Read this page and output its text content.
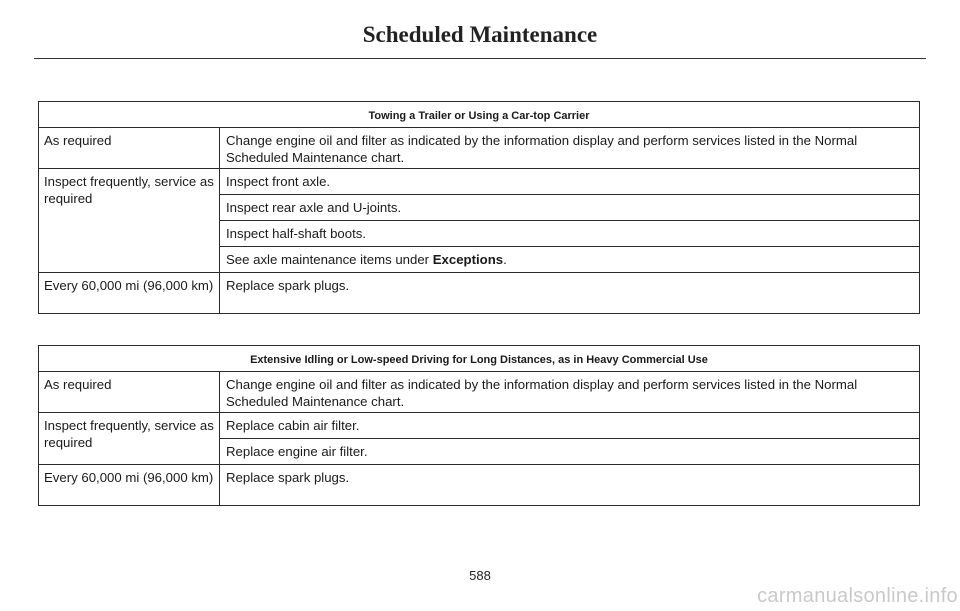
Scheduled Maintenance
Towing a Trailer or Using a Car-top Carrier	
As required	Change engine oil and filter as indicated by the information display and perform services listed in the Normal Scheduled Maintenance chart.
Inspect frequently, service as required	Inspect front axle.
	Inspect rear axle and U-joints.
	Inspect half-shaft boots.
	See axle maintenance items under Exceptions.
Every 60,000 mi (96,000 km)	Replace spark plugs.
Extensive Idling or Low-speed Driving for Long Distances, as in Heavy Commercial Use	
As required	Change engine oil and filter as indicated by the information display and perform services listed in the Normal Scheduled Maintenance chart.
Inspect frequently, service as required	Replace cabin air filter.
	Replace engine air filter.
Every 60,000 mi (96,000 km)	Replace spark plugs.
588
carmanualsonline.info
